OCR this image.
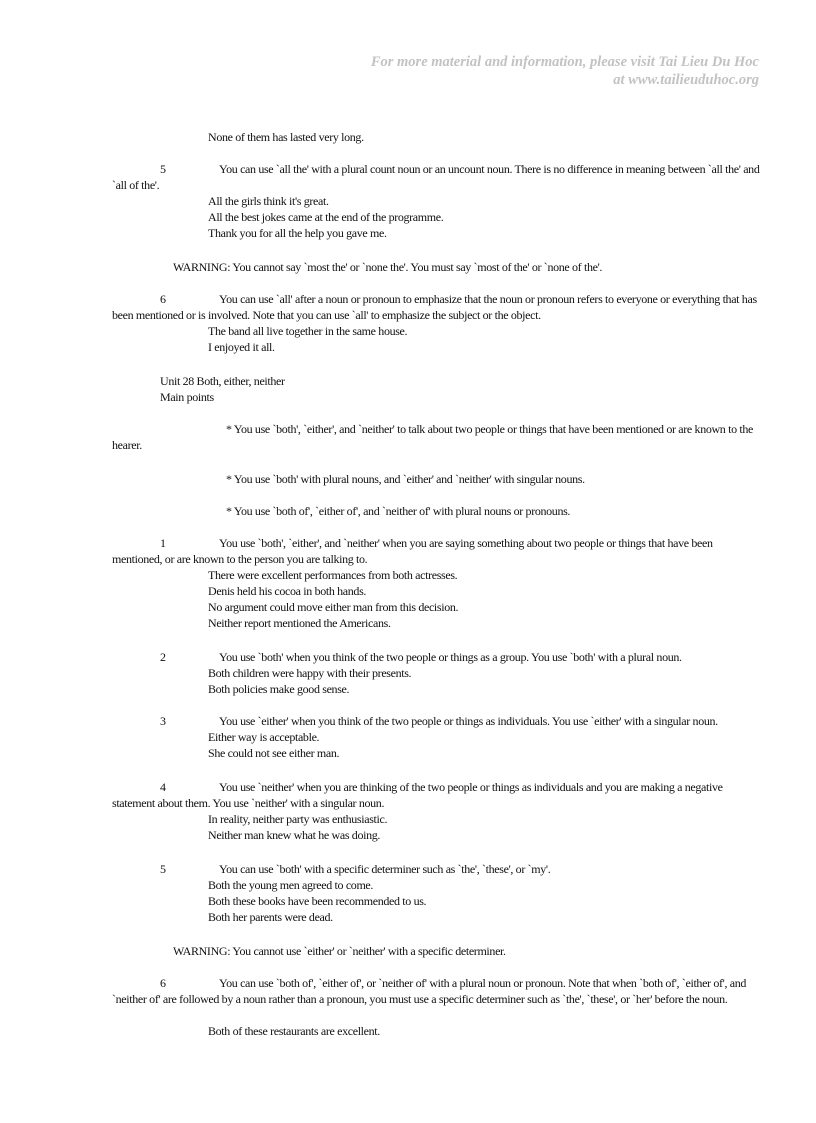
For more material and information, please visit Tai Lieu Du Hoc
at www.tailieuduhoc.org
None of them has lasted very long.
5	You can use `all the' with a plural count noun or an uncount noun. There is no difference in meaning between `all the' and `all of the'.
All the girls think it's great.
All the best jokes came at the end of the programme.
Thank you for all the help you gave me.
WARNING: You cannot say `most the' or `none the'. You must say `most of the' or `none of the'.
6	You can use `all' after a noun or pronoun to emphasize that the noun or pronoun refers to everyone or everything that has been mentioned or is involved. Note that you can use `all' to emphasize the subject or the object.
The band all live together in the same house.
I enjoyed it all.
Unit 28 Both, either, neither
Main points
* You use `both', `either', and `neither' to talk about two people or things that have been mentioned or are known to the hearer.
* You use `both' with plural nouns, and `either' and `neither' with singular nouns.
* You use `both of', `either of', and `neither of' with plural nouns or pronouns.
1	You use `both', `either', and `neither' when you are saying something about two people or things that have been mentioned, or are known to the person you are talking to.
There were excellent performances from both actresses.
Denis held his cocoa in both hands.
No argument could move either man from this decision.
Neither report mentioned the Americans.
2	You use `both' when you think of the two people or things as a group. You use `both' with a plural noun.
Both children were happy with their presents.
Both policies make good sense.
3	You use `either' when you think of the two people or things as individuals. You use `either' with a singular noun.
Either way is acceptable.
She could not see either man.
4	You use `neither' when you are thinking of the two people or things as individuals and you are making a negative statement about them. You use `neither' with a singular noun.
In reality, neither party was enthusiastic.
Neither man knew what he was doing.
5	You can use `both' with a specific determiner such as `the', `these', or `my'.
Both the young men agreed to come.
Both these books have been recommended to us.
Both her parents were dead.
WARNING: You cannot use `either' or `neither' with a specific determiner.
6	You can use `both of', `either of', or `neither of' with a plural noun or pronoun. Note that when `both of', `either of', and `neither of' are followed by a noun rather than a pronoun, you must use a specific determiner such as `the', `these', or `her' before the noun.
Both of these restaurants are excellent.
